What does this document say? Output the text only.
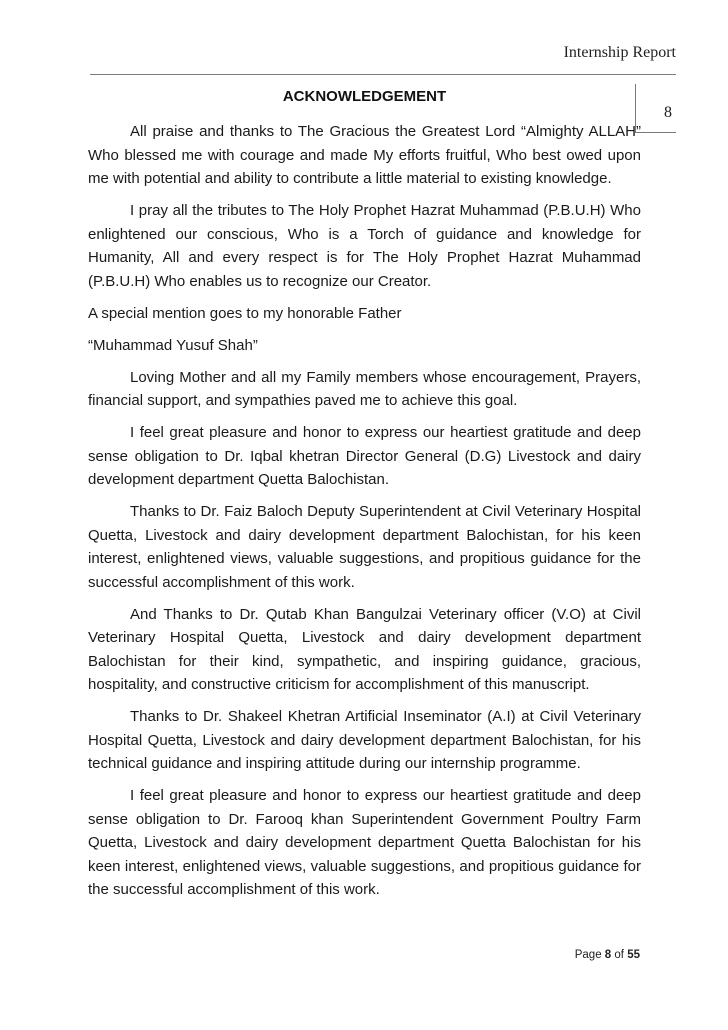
Internship Report
8
ACKNOWLEDGEMENT

All praise and thanks to The Gracious the Greatest Lord “Almighty ALLAH” Who blessed me with courage and made My efforts fruitful, Who best owed upon me with potential and ability to contribute a little material to existing knowledge.

I pray all the tributes to The Holy Prophet Hazrat Muhammad (P.B.U.H) Who enlightened our conscious, Who is a Torch of guidance and knowledge for Humanity, All and every respect is for The Holy Prophet Hazrat Muhammad (P.B.U.H) Who enables us to recognize our Creator.

A special mention goes to my honorable Father

“Muhammad Yusuf Shah”

Loving Mother and all my Family members whose encouragement, Prayers, financial support, and sympathies paved me to achieve this goal.

I feel great pleasure and honor to express our heartiest gratitude and deep sense obligation to Dr. Iqbal khetran Director General (D.G) Livestock and dairy development department Quetta Balochistan.

Thanks to Dr. Faiz Baloch Deputy Superintendent at Civil Veterinary Hospital Quetta, Livestock and dairy development department Balochistan, for his keen interest, enlightened views, valuable suggestions, and propitious guidance for the successful accomplishment of this work.

And Thanks to Dr. Qutab Khan Bangulzai Veterinary officer (V.O) at Civil Veterinary Hospital Quetta, Livestock and dairy development department Balochistan for their kind, sympathetic, and inspiring guidance, gracious, hospitality, and constructive criticism for accomplishment of this manuscript.

Thanks to Dr. Shakeel Khetran Artificial Inseminator (A.I) at Civil Veterinary Hospital Quetta, Livestock and dairy development department Balochistan, for his technical guidance and inspiring attitude during our internship programme.

I feel great pleasure and honor to express our heartiest gratitude and deep sense obligation to Dr. Farooq khan Superintendent Government Poultry Farm Quetta, Livestock and dairy development department Quetta Balochistan for his keen interest, enlightened views, valuable suggestions, and propitious guidance for the successful accomplishment of this work.

Page 8 of 55
